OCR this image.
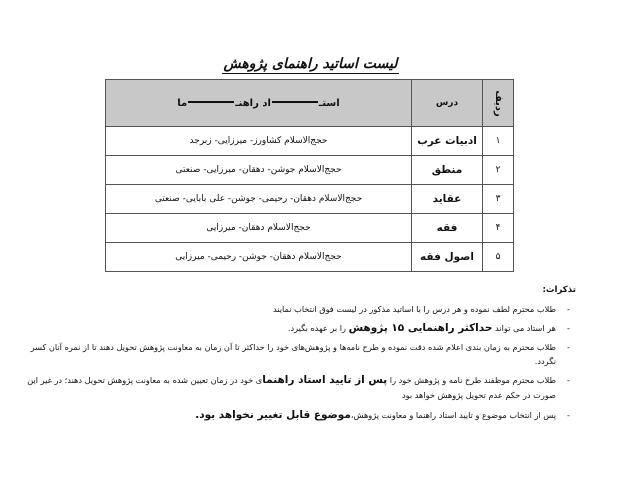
لیست اساتید راهنمای پژوهش
ردیف	درس	استـاد راهنـما
۱	ادبیات عرب	حجج‌الاسلام کشاورز- میرزایی- زبرجد
۲	منطق	حجج‌الاسلام جوشن- دهقان- میرزایی- صنعتی
۳	عقاید	حجج‌الاسلام دهقان- رحیمی- جوشن- علی بابایی- صنعتی
۴	فقه	حجج‌الاسلام دهقان- میرزایی
۵	اصول فقه	حجج‌الاسلام دهقان- جوشن- رحیمی- میرزایی
تذکرات:
-
طلاب محترم لطف نموده و هر درس را با اساتید مذکور در لیست فوق انتخاب نمایند
-
هر استاد می تواند حداکثر راهنمایی ۱۵ پژوهش را بر عهده بگیرد.
-
طلاب محترم به زمان بندی اعلام شده دقت نموده و طرح نامه‌ها و پژوهش‌های خود را حداکثر تا آن زمان به معاونت پژوهش تحویل دهند تا از نمره آنان کسر نگردد.
-
طلاب محترم موظفند طرح نامه و پژوهش خود را پس از تایید استاد راهنمای خود در زمان تعیین شده به معاونت پژوهش تحویل دهند؛ در غیر این صورت در حکم عدم تحویل پژوهش خواهد بود
-
پس از انتخاب موضوع و تایید استاد راهنما و معاونت پژوهش،موضوع قابل تغییر نخواهد بود.
